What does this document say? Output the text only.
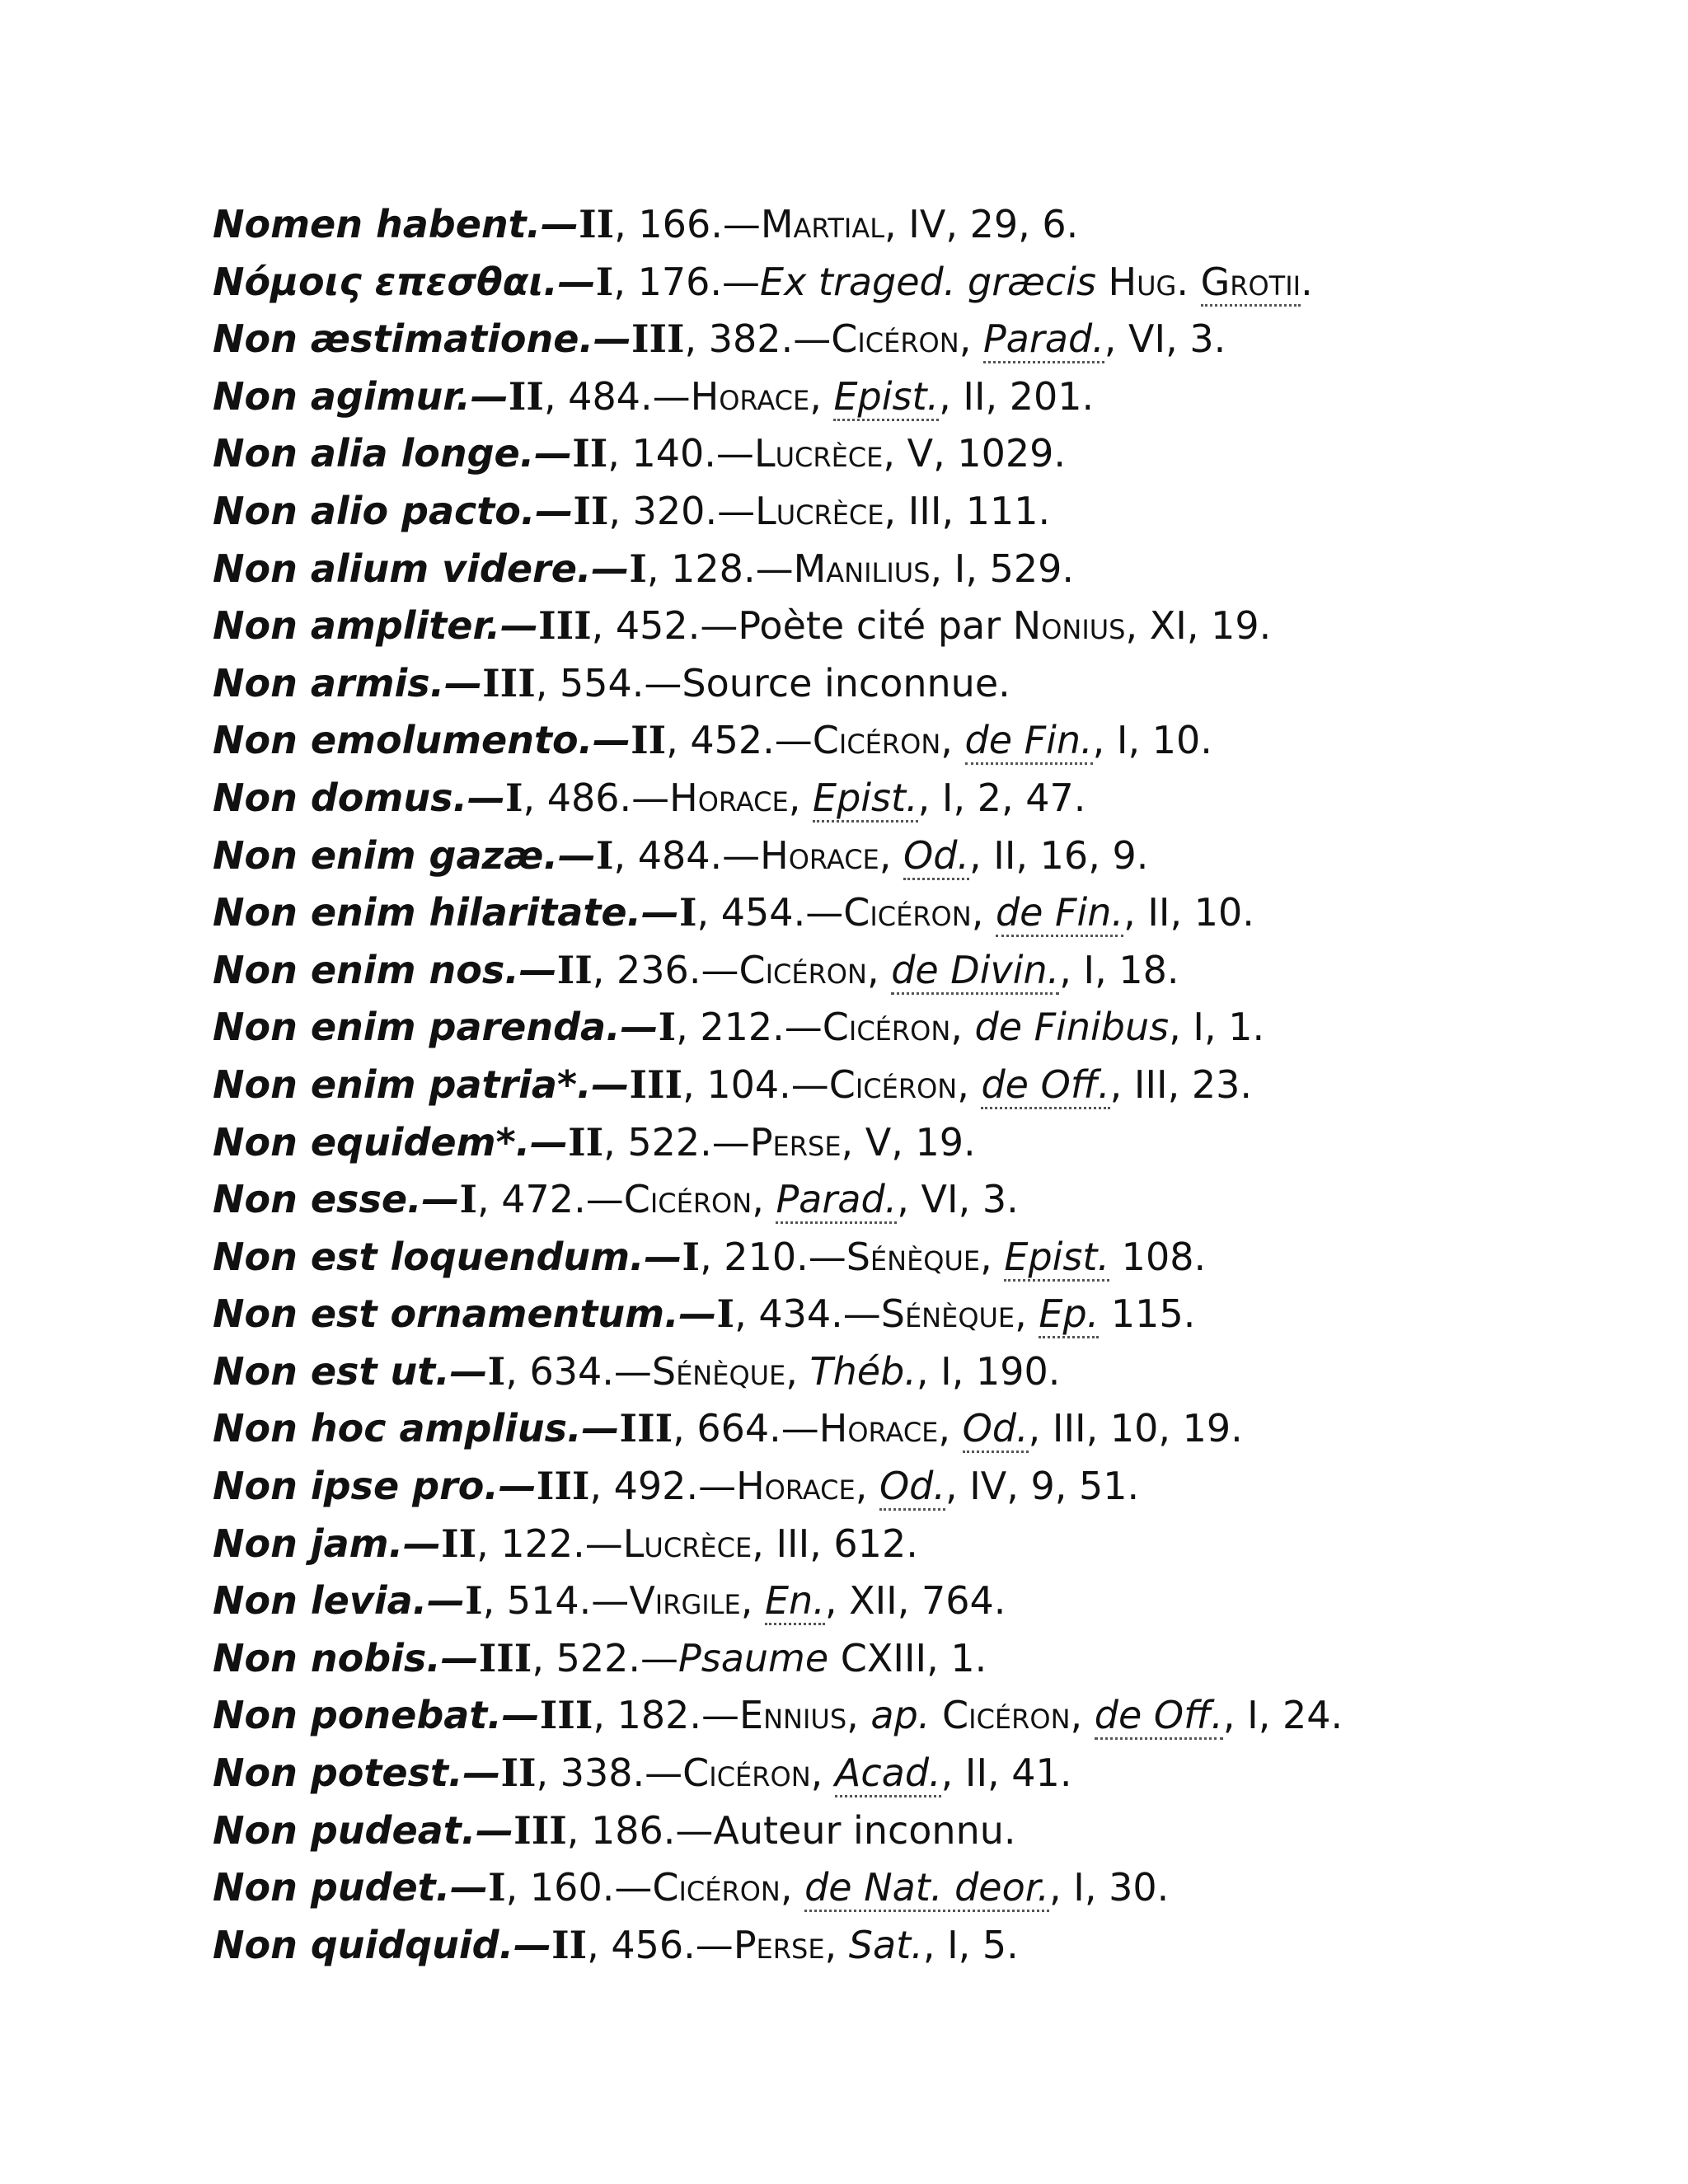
Nomen habent.—II, 166.—Martial, IV, 29, 6.
Νόμοις επεσθαι.—I, 176.—Ex traged. græcis Hug. Grotii.
Non æstimatione.—III, 382.—Cicéron, Parad., VI, 3.
Non agimur.—II, 484.—Horace, Epist., II, 201.
Non alia longe.—II, 140.—Lucrèce, V, 1029.
Non alio pacto.—II, 320.—Lucrèce, III, 111.
Non alium videre.—I, 128.—Manilius, I, 529.
Non ampliter.—III, 452.—Poète cité par Nonius, XI, 19.
Non armis.—III, 554.—Source inconnue.
Non emolumento.—II, 452.—Cicéron, de Fin., I, 10.
Non domus.—I, 486.—Horace, Epist., I, 2, 47.
Non enim gazæ.—I, 484.—Horace, Od., II, 16, 9.
Non enim hilaritate.—I, 454.—Cicéron, de Fin., II, 10.
Non enim nos.—II, 236.—Cicéron, de Divin., I, 18.
Non enim parenda.—I, 212.—Cicéron, de Finibus, I, 1.
Non enim patria*.—III, 104.—Cicéron, de Off., III, 23.
Non equidem*.—II, 522.—Perse, V, 19.
Non esse.—I, 472.—Cicéron, Parad., VI, 3.
Non est loquendum.—I, 210.—Sénèque, Epist. 108.
Non est ornamentum.—I, 434.—Sénèque, Ep. 115.
Non est ut.—I, 634.—Sénèque, Théb., I, 190.
Non hoc amplius.—III, 664.—Horace, Od., III, 10, 19.
Non ipse pro.—III, 492.—Horace, Od., IV, 9, 51.
Non jam.—II, 122.—Lucrèce, III, 612.
Non levia.—I, 514.—Virgile, En., XII, 764.
Non nobis.—III, 522.—Psaume CXIII, 1.
Non ponebat.—III, 182.—Ennius, ap. Cicéron, de Off., I, 24.
Non potest.—II, 338.—Cicéron, Acad., II, 41.
Non pudeat.—III, 186.—Auteur inconnu.
Non pudet.—I, 160.—Cicéron, de Nat. deor., I, 30.
Non quidquid.—II, 456.—Perse, Sat., I, 5.
